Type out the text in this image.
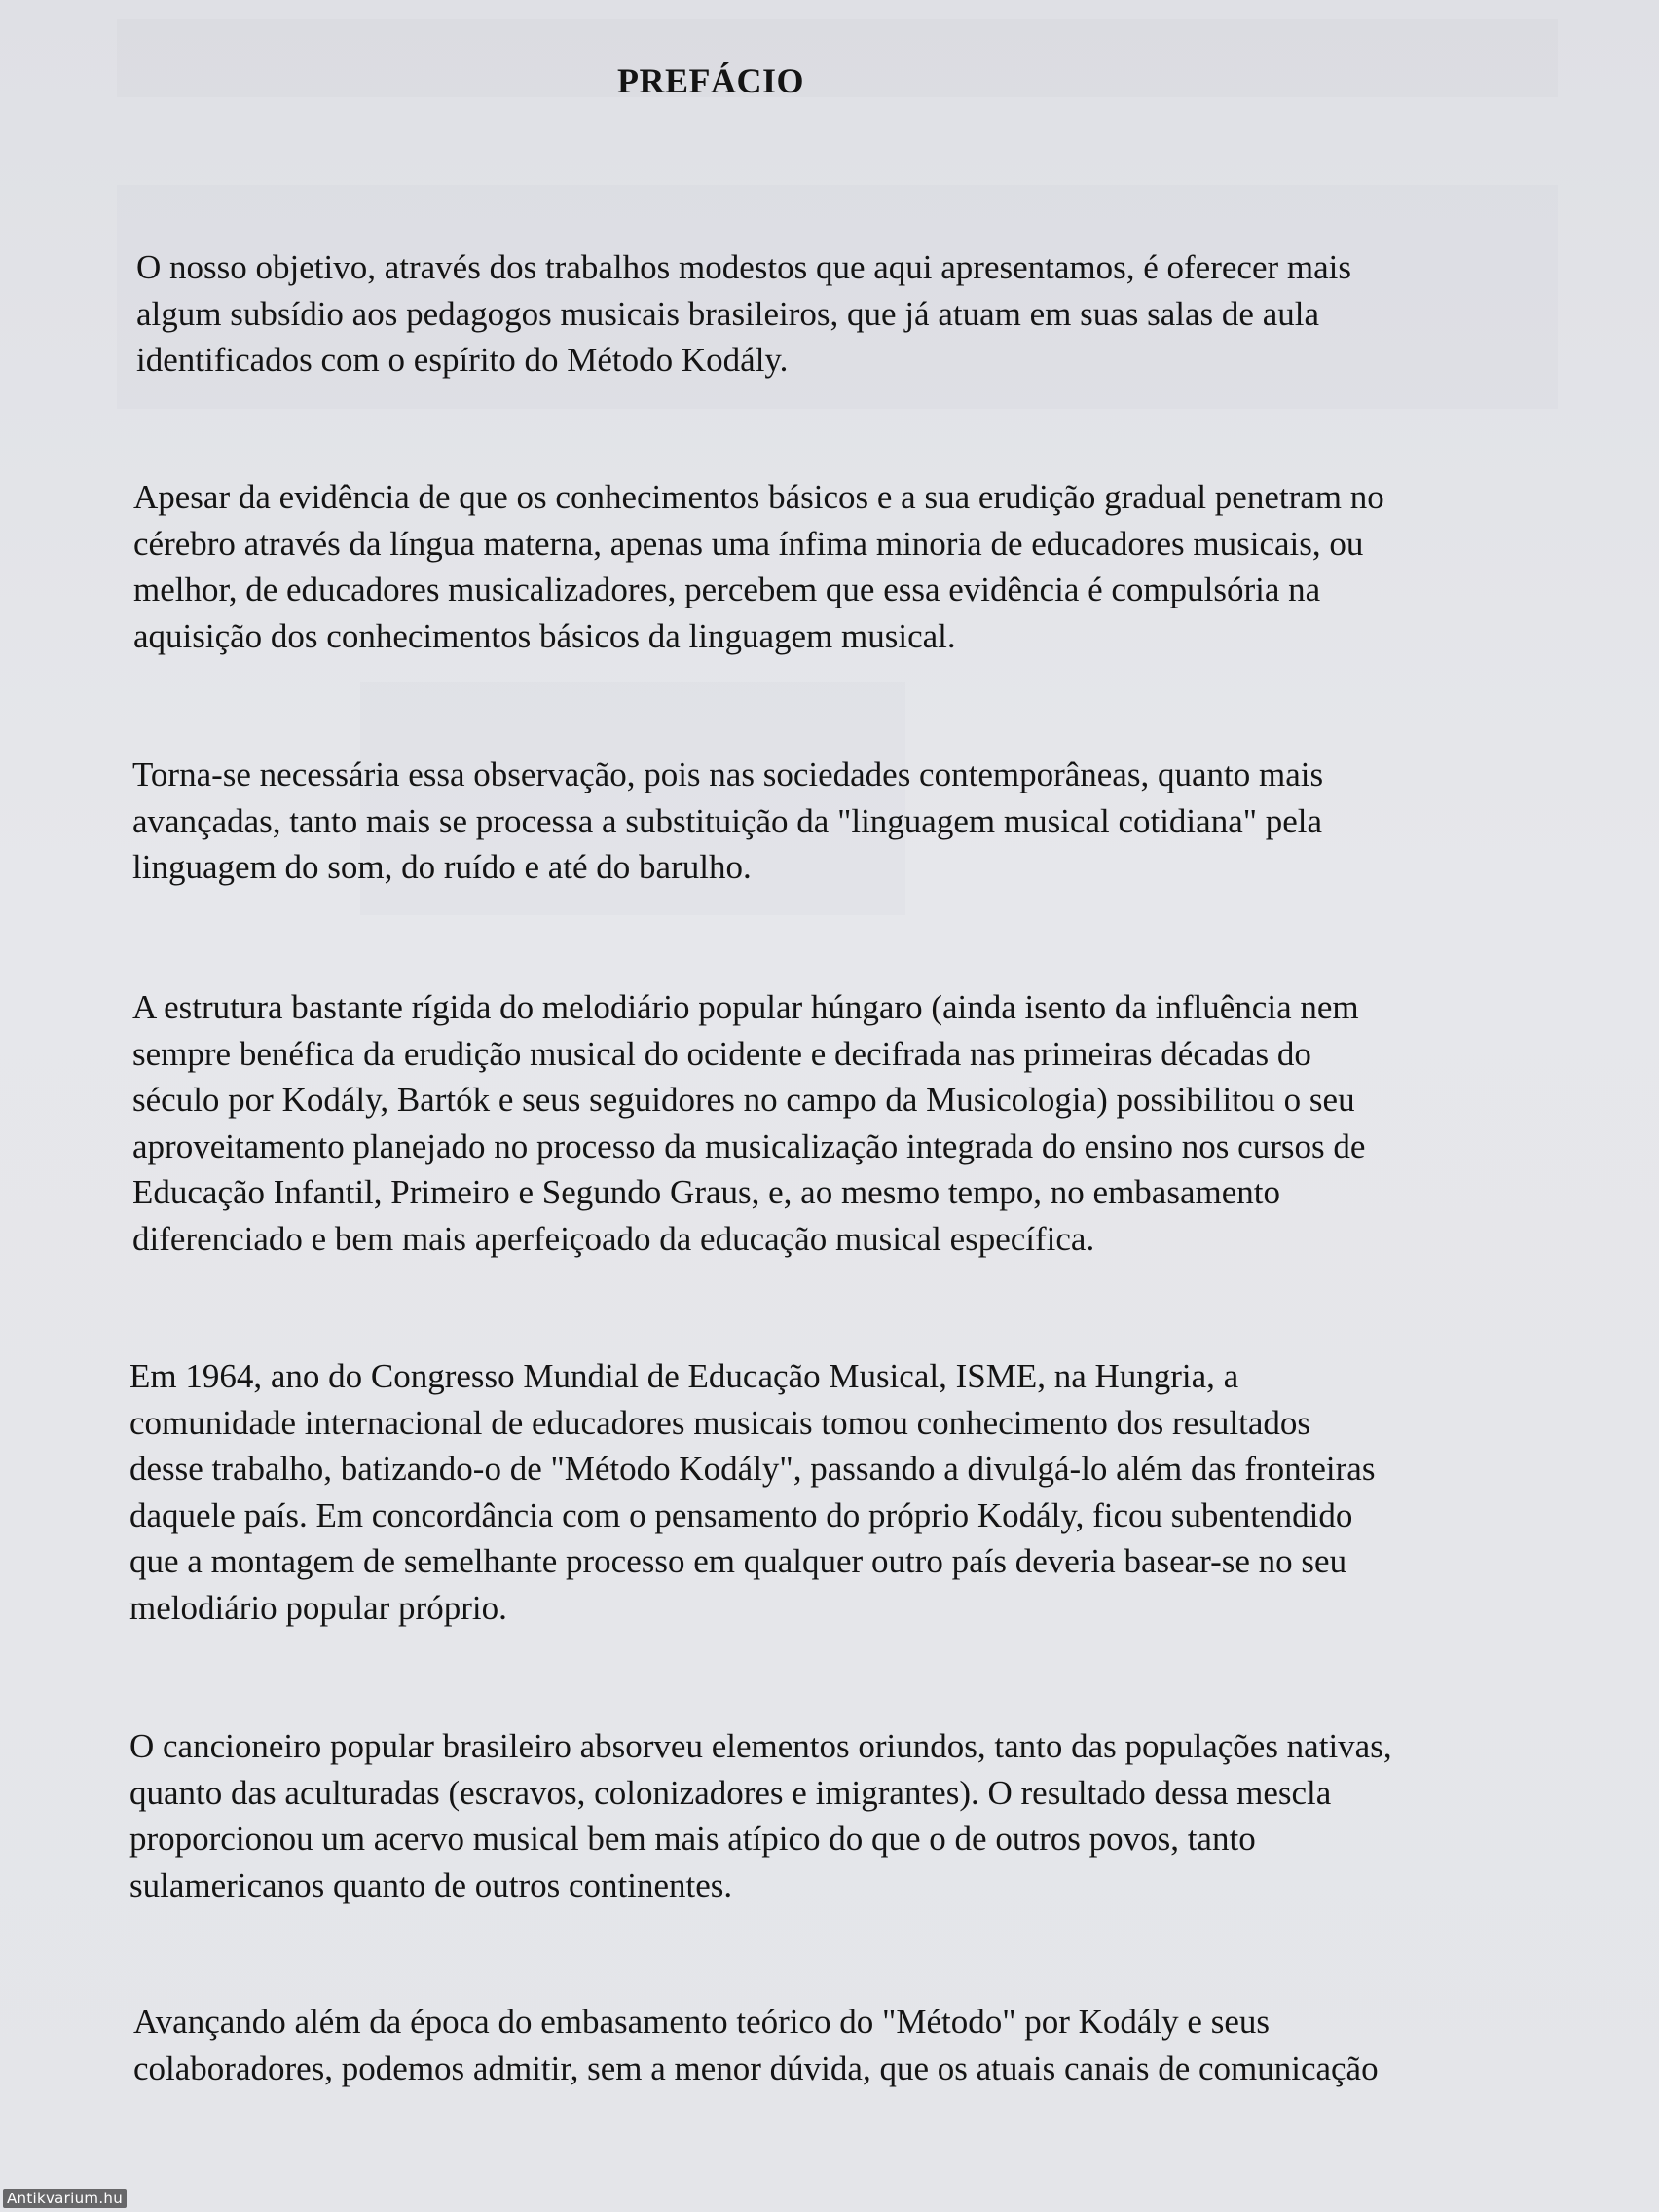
PREFÁCIO

O nosso objetivo, através dos trabalhos modestos que aqui apresentamos, é oferecer mais
algum subsídio aos pedagogos musicais brasileiros, que já atuam em suas salas de aula
identificados com o espírito do Método Kodály.

Apesar da evidência de que os conhecimentos básicos e a sua erudição gradual penetram no
cérebro através da língua materna, apenas uma ínfima minoria de educadores musicais, ou
melhor, de educadores musicalizadores, percebem que essa evidência é compulsória na
aquisição dos conhecimentos básicos da linguagem musical.

Torna-se necessária essa observação, pois nas sociedades contemporâneas, quanto mais
avançadas, tanto mais se processa a substituição da "linguagem musical cotidiana" pela
linguagem do som, do ruído e até do barulho.

A estrutura bastante rígida do melodiário popular húngaro (ainda isento da influência nem
sempre benéfica da erudição musical do ocidente e decifrada nas primeiras décadas do
século por Kodály, Bartók e seus seguidores no campo da Musicologia) possibilitou o seu
aproveitamento planejado no processo da musicalização integrada do ensino nos cursos de
Educação Infantil, Primeiro e Segundo Graus, e, ao mesmo tempo, no embasamento
diferenciado e bem mais aperfeiçoado da educação musical específica.

Em 1964, ano do Congresso Mundial de Educação Musical, ISME, na Hungria, a
comunidade internacional de educadores musicais tomou conhecimento dos resultados
desse trabalho, batizando-o de "Método Kodály", passando a divulgá-lo além das fronteiras
daquele país. Em concordância com o pensamento do próprio Kodály, ficou subentendido
que a montagem de semelhante processo em qualquer outro país deveria basear-se no seu
melodiário popular próprio.

O cancioneiro popular brasileiro absorveu elementos oriundos, tanto das populações nativas,
quanto das aculturadas (escravos, colonizadores e imigrantes). O resultado dessa mescla
proporcionou um acervo musical bem mais atípico do que o de outros povos, tanto
sulamericanos quanto de outros continentes.

Avançando além da época do embasamento teórico do "Método" por Kodály e seus
colaboradores, podemos admitir, sem a menor dúvida, que os atuais canais de comunicação

Antikvarium.hu
